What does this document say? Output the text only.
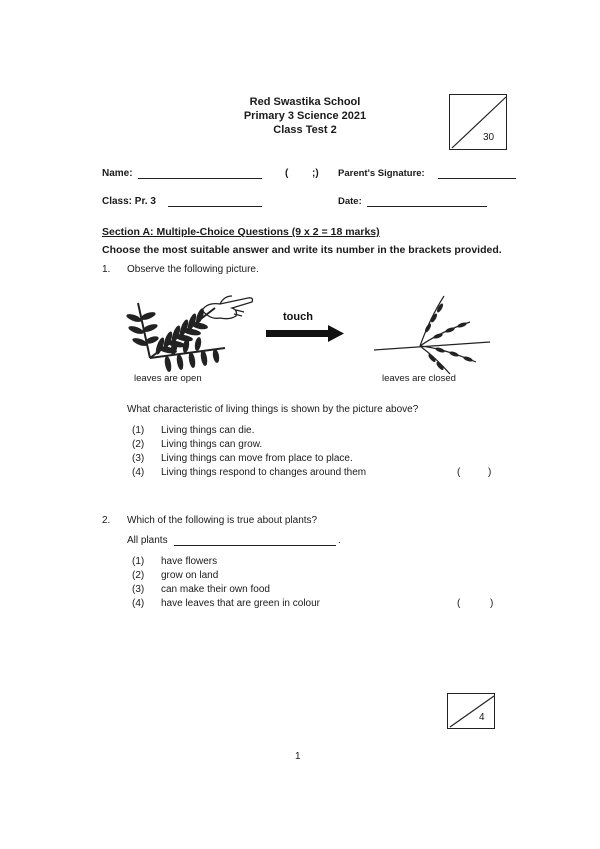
Red Swastika School
Primary 3 Science 2021
Class Test 2
30
Name:	( ;) Parent's Signature:
Class: Pr. 3	Date:
Section A: Multiple-Choice Questions (9 x 2 = 18 marks)
Choose the most suitable answer and write its number in the brackets provided.
1. Observe the following picture.
touch
leaves are open	leaves are closed
What characteristic of living things is shown by the picture above?
(1) Living things can die.
(2) Living things can grow.
(3) Living things can move from place to place.
(4) Living things respond to changes around them	(	)
2. Which of the following is true about plants?
All plants	.
(1) have flowers
(2) grow on land
(3) can make their own food
(4) have leaves that are green in colour	(	)
4
1
